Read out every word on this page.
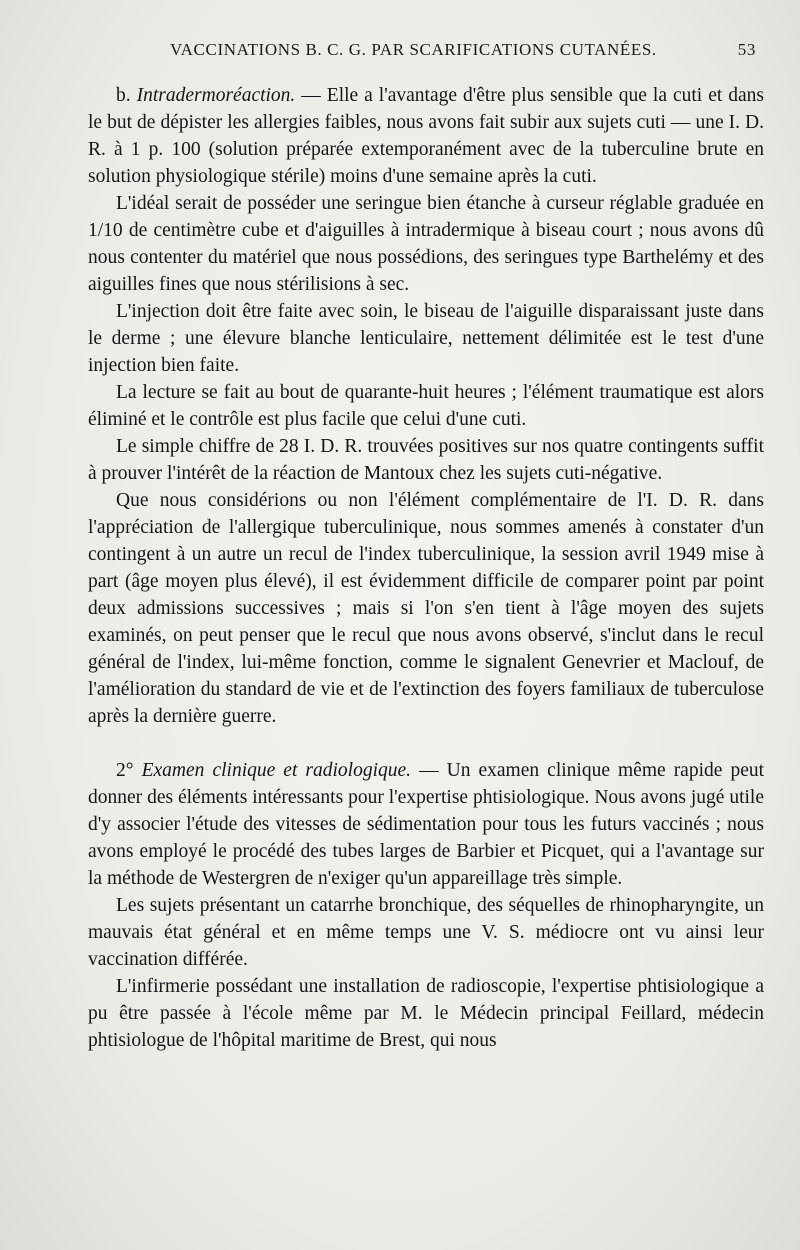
VACCINATIONS B. C. G. PAR SCARIFICATIONS CUTANÉES.	53

b. Intradermoréaction. — Elle a l'avantage d'être plus sensible que la cuti et dans le but de dépister les allergies faibles, nous avons fait subir aux sujets cuti — une I. D. R. à 1 p. 100 (solution préparée extemporanément avec de la tuberculine brute en solution physiologique stérile) moins d'une semaine après la cuti.

L'idéal serait de posséder une seringue bien étanche à curseur réglable graduée en 1/10 de centimètre cube et d'aiguilles à intradermique à biseau court ; nous avons dû nous contenter du matériel que nous possédions, des seringues type Barthelémy et des aiguilles fines que nous stérilisions à sec.

L'injection doit être faite avec soin, le biseau de l'aiguille disparaissant juste dans le derme ; une élevure blanche lenticulaire, nettement délimitée est le test d'une injection bien faite.

La lecture se fait au bout de quarante-huit heures ; l'élément traumatique est alors éliminé et le contrôle est plus facile que celui d'une cuti.

Le simple chiffre de 28 I. D. R. trouvées positives sur nos quatre contingents suffit à prouver l'intérêt de la réaction de Mantoux chez les sujets cuti-négative.

Que nous considérions ou non l'élément complémentaire de l'I. D. R. dans l'appréciation de l'allergique tuberculinique, nous sommes amenés à constater d'un contingent à un autre un recul de l'index tuberculinique, la session avril 1949 mise à part (âge moyen plus élevé), il est évidemment difficile de comparer point par point deux admissions successives ; mais si l'on s'en tient à l'âge moyen des sujets examinés, on peut penser que le recul que nous avons observé, s'inclut dans le recul général de l'index, lui-même fonction, comme le signalent Genevrier et Maclouf, de l'amélioration du standard de vie et de l'extinction des foyers familiaux de tuberculose après la dernière guerre.

2° Examen clinique et radiologique. — Un examen clinique même rapide peut donner des éléments intéressants pour l'expertise phtisiologique. Nous avons jugé utile d'y associer l'étude des vitesses de sédimentation pour tous les futurs vaccinés ; nous avons employé le procédé des tubes larges de Barbier et Picquet, qui a l'avantage sur la méthode de Westergren de n'exiger qu'un appareillage très simple.

Les sujets présentant un catarrhe bronchique, des séquelles de rhinopharyngite, un mauvais état général et en même temps une V. S. médiocre ont vu ainsi leur vaccination différée.

L'infirmerie possédant une installation de radioscopie, l'expertise phtisiologique a pu être passée à l'école même par M. le Médecin principal Feillard, médecin phtisiologue de l'hôpital maritime de Brest, qui nous
